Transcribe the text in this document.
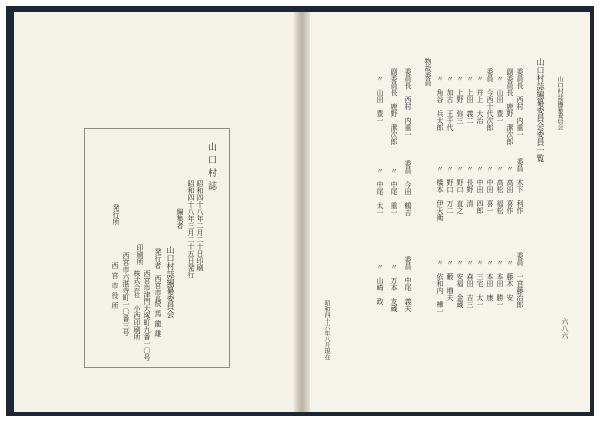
山口村誌
昭和四十八年二月二十日印刷
昭和四十八年三月二十五日発行
編集者
山口村誌編纂委員会
発行者
西宮市長
辰馬龍雄
印刷所
西宮市津門大塚町九番一〇号
株式会社　小西印刷所
発行所
西宮市六湛寺町一〇番三号
西宮市役所
山口村誌編纂委員会
六八六
山口村誌編纂委員会委員一覧
委員長　西村　内重一
副委員長　鹿野　潔次郎
　〃　山田　豊一
委員　今西十代次郎
　〃　井上　大治
　〃　上田　義二
　〃　上野　弥三
　〃　加古　王千代
　〃　角谷　兵太郎
委員　木下　利作
　〃　高田　喜作
　〃　高松　福松
　〃　中田　喜一
　〃　中田　四郎
　〃　長野　清
　〃　野口　直之
　〃　野口　万二
　〃　橋本　伊天衛
委員　一宮藤治郎
　〃　藤木　安
　〃　本田　勝一
　〃　本田　康
　〃　三宅　太一
　〃　森田　吉三
　〃　安福　金蔵
　〃　藪　増夫
　〃　依和内　樺一
物故委員
委員長　西村　内重一
副委員長　鹿野　潔次郎
　〃　山田　豊一
委員　今田　鶴吉
　〃　中尾　重一
　〃　中尾　太一
委員　中尾　義夫
　〃　万本　友蔵
　〃　山崎　政
昭和四十六年八月現在
